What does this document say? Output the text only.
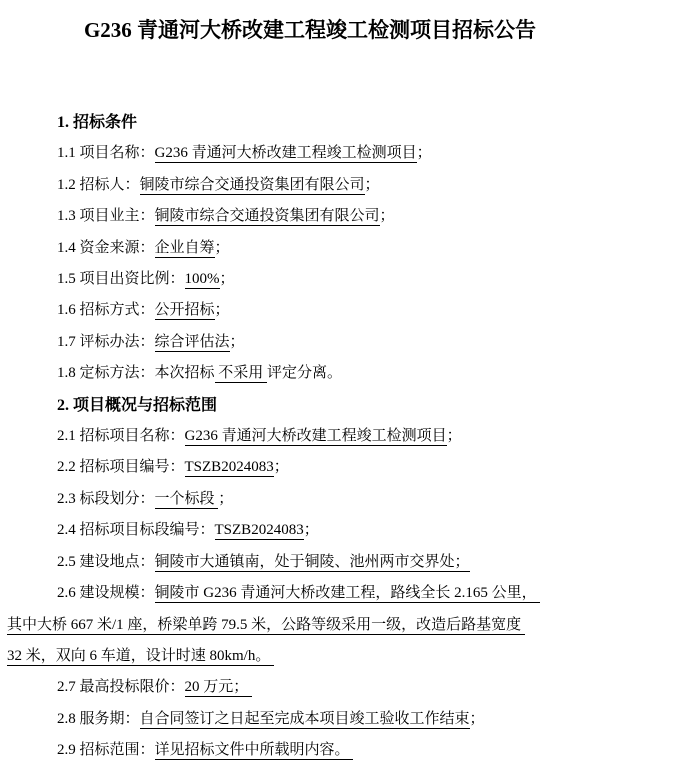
G236 青通河大桥改建工程竣工检测项目招标公告
1. 招标条件
1.1 项目名称：G236 青通河大桥改建工程竣工检测项目；
1.2 招标人：铜陵市综合交通投资集团有限公司；
1.3 项目业主：铜陵市综合交通投资集团有限公司；
1.4 资金来源：企业自筹；
1.5 项目出资比例：100%；
1.6 招标方式：公开招标；
1.7 评标办法：综合评估法；
1.8 定标方法：本次招标 不采用 评定分离。
2. 项目概况与招标范围
2.1 招标项目名称：G236 青通河大桥改建工程竣工检测项目；
2.2 招标项目编号：TSZB2024083；
2.3 标段划分：一个标段 ；
2.4 招标项目标段编号：TSZB2024083；
2.5 建设地点：铜陵市大通镇南，处于铜陵、池州两市交界处；
2.6 建设规模：铜陵市 G236 青通河大桥改建工程，路线全长 2.165 公里，
其中大桥 667 米/1 座，桥梁单跨 79.5 米，公路等级采用一级，改造后路基宽度
32 米，双向 6 车道，设计时速 80km/h。
2.7 最高投标限价：20 万元；
2.8 服务期：自合同签订之日起至完成本项目竣工验收工作结束；
2.9 招标范围：详见招标文件中所载明内容。
